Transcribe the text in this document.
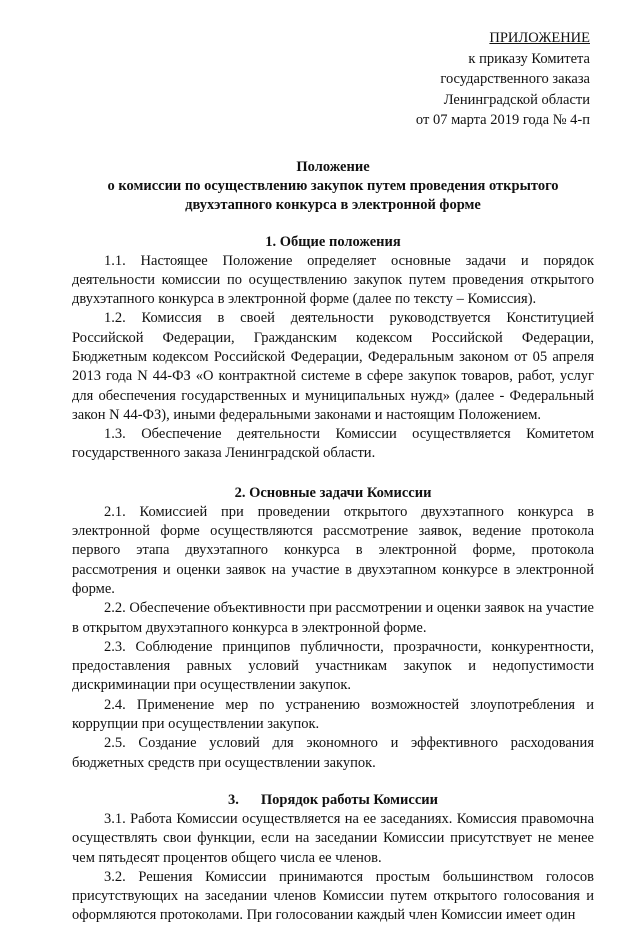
ПРИЛОЖЕНИЕ
к приказу Комитета
государственного заказа
Ленинградской области
от 07 марта 2019 года № 4-п
Положение
о комиссии по осуществлению закупок путем проведения открытого
двухэтапного конкурса в электронной форме
1. Общие положения

1.1. Настоящее Положение определяет основные задачи и порядок деятельности комиссии по осуществлению закупок путем проведения открытого двухэтапного конкурса в электронной форме (далее по тексту – Комиссия).

1.2. Комиссия в своей деятельности руководствуется Конституцией Российской Федерации, Гражданским кодексом Российской Федерации, Бюджетным кодексом Российской Федерации, Федеральным законом от 05 апреля 2013 года N 44-ФЗ «О контрактной системе в сфере закупок товаров, работ, услуг для обеспечения государственных и муниципальных нужд» (далее - Федеральный закон N 44-ФЗ), иными федеральными законами и настоящим Положением.

1.3. Обеспечение деятельности Комиссии осуществляется Комитетом государственного заказа Ленинградской области.

2. Основные задачи Комиссии

2.1. Комиссией при проведении открытого двухэтапного конкурса в электронной форме осуществляются рассмотрение заявок, ведение протокола первого этапа двухэтапного конкурса в электронной форме, протокола рассмотрения и оценки заявок на участие в двухэтапном конкурсе в электронной форме.

2.2. Обеспечение объективности при рассмотрении и оценки заявок на участие в открытом двухэтапного конкурса в электронной форме.

2.3. Соблюдение принципов публичности, прозрачности, конкурентности, предоставления равных условий участникам закупок и недопустимости дискриминации при осуществлении закупок.

2.4. Применение мер по устранению возможностей злоупотребления и коррупции при осуществлении закупок.

2.5. Создание условий для экономного и эффективного расходования бюджетных средств при осуществлении закупок.

3. Порядок работы Комиссии

3.1. Работа Комиссии осуществляется на ее заседаниях. Комиссия правомочна осуществлять свои функции, если на заседании Комиссии присутствует не менее чем пятьдесят процентов общего числа ее членов.

3.2. Решения Комиссии принимаются простым большинством голосов присутствующих на заседании членов Комиссии путем открытого голосования и оформляются протоколами. При голосовании каждый член Комиссии имеет один
